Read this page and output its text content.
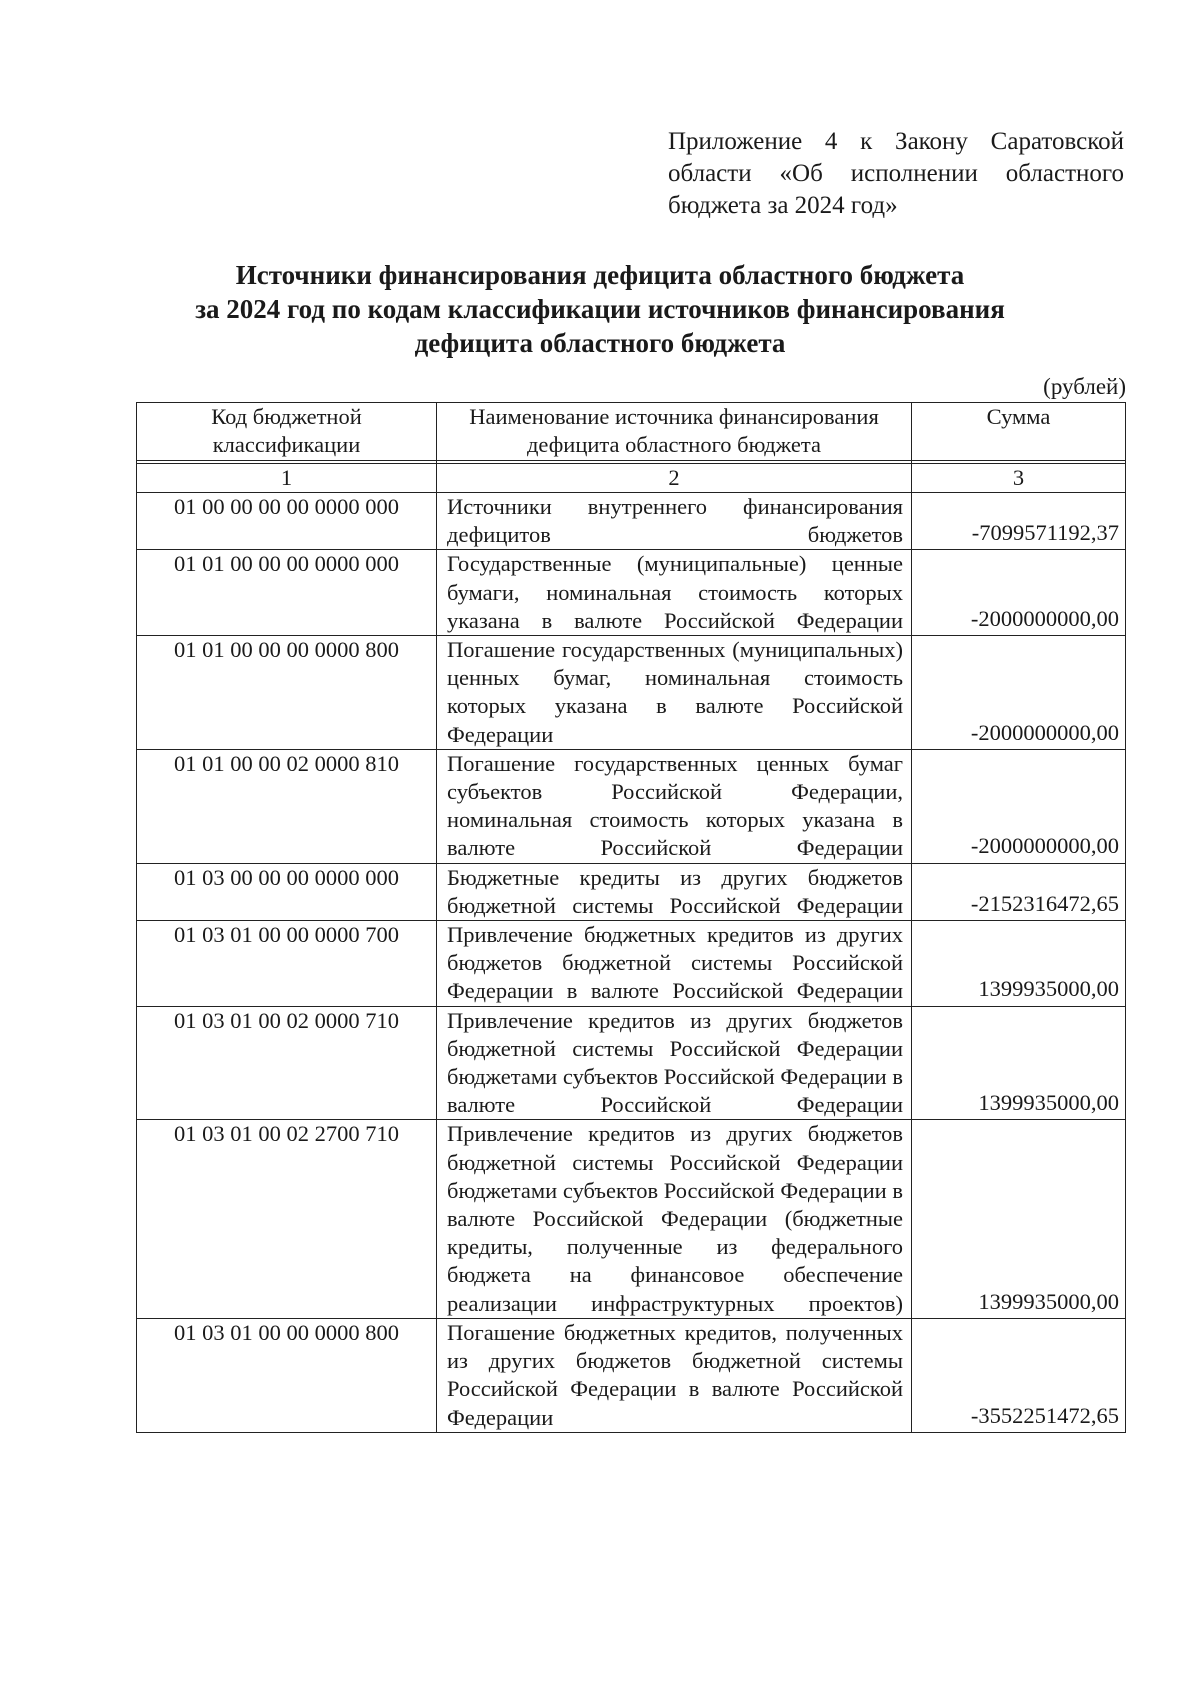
Приложение 4 к Закону Саратовской
области «Об исполнении областного
бюджета за 2024 год»
Источники финансирования дефицита областного бюджета
за 2024 год по кодам классификации источников финансирования
дефицита областного бюджета
(рублей)
Код бюджетной классификации	Наименование источника финансирования дефицита областного бюджета	Сумма

1	2	3
01 00 00 00 00 0000 000	Источники внутреннего финансирования дефицитов бюджетов	-7099571192,37
01 01 00 00 00 0000 000	Государственные (муниципальные) ценные бумаги, номинальная стоимость которых указана в валюте Российской Федерации	-2000000000,00
01 01 00 00 00 0000 800	Погашение государственных (муниципальных) ценных бумаг, номинальная стоимость которых указана в валюте Российской Федерации	-2000000000,00
01 01 00 00 02 0000 810	Погашение государственных ценных бумаг субъектов Российской Федерации, номинальная стоимость которых указана в валюте Российской Федерации	-2000000000,00
01 03 00 00 00 0000 000	Бюджетные кредиты из других бюджетов бюджетной системы Российской Федерации	-2152316472,65
01 03 01 00 00 0000 700	Привлечение бюджетных кредитов из других бюджетов бюджетной системы Российской Федерации в валюте Российской Федерации	1399935000,00
01 03 01 00 02 0000 710	Привлечение кредитов из других бюджетов бюджетной системы Российской Федерации бюджетами субъектов Российской Федерации в валюте Российской Федерации	1399935000,00
01 03 01 00 02 2700 710	Привлечение кредитов из других бюджетов бюджетной системы Российской Федерации бюджетами субъектов Российской Федерации в валюте Российской Федерации (бюджетные кредиты, полученные из федерального бюджета на финансовое обеспечение реализации инфраструктурных проектов)	1399935000,00
01 03 01 00 00 0000 800	Погашение бюджетных кредитов, полученных из других бюджетов бюджетной системы Российской Федерации в валюте Российской Федерации	-3552251472,65
